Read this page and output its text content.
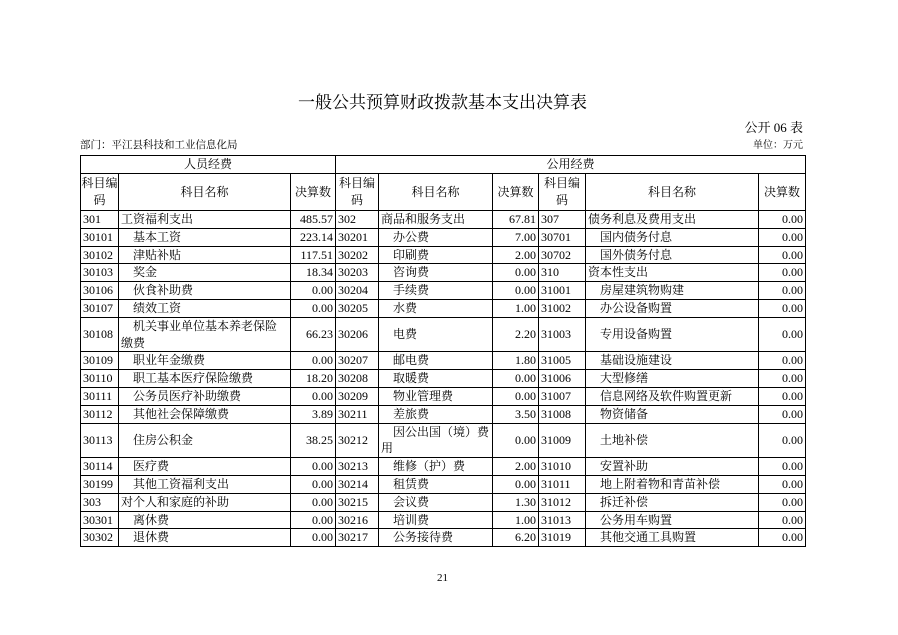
一般公共预算财政拨款基本支出决算表
公开 06 表
部门：平江县科技和工业信息化局	单位：万元
人员经费			公用经费					
科目编码	科目名称	决算数	科目编码	科目名称	决算数	科目编码	科目名称	决算数
301	工资福利支出	485.57	302	商品和服务支出	67.81	307	债务利息及费用支出	0.00
30101	基本工资	223.14	30201	办公费	7.00	30701	国内债务付息	0.00
30102	津贴补贴	117.51	30202	印刷费	2.00	30702	国外债务付息	0.00
30103	奖金	18.34	30203	咨询费	0.00	310	资本性支出	0.00
30106	伙食补助费	0.00	30204	手续费	0.00	31001	房屋建筑物购建	0.00
30107	绩效工资	0.00	30205	水费	1.00	31002	办公设备购置	0.00
30108	机关事业单位基本养老保险缴费	66.23	30206	电费	2.20	31003	专用设备购置	0.00
30109	职业年金缴费	0.00	30207	邮电费	1.80	31005	基础设施建设	0.00
30110	职工基本医疗保险缴费	18.20	30208	取暖费	0.00	31006	大型修缮	0.00
30111	公务员医疗补助缴费	0.00	30209	物业管理费	0.00	31007	信息网络及软件购置更新	0.00
30112	其他社会保障缴费	3.89	30211	差旅费	3.50	31008	物资储备	0.00
30113	住房公积金	38.25	30212	因公出国（境）费用	0.00	31009	土地补偿	0.00
30114	医疗费	0.00	30213	维修（护）费	2.00	31010	安置补助	0.00
30199	其他工资福利支出	0.00	30214	租赁费	0.00	31011	地上附着物和青苗补偿	0.00
303	对个人和家庭的补助	0.00	30215	会议费	1.30	31012	拆迁补偿	0.00
30301	离休费	0.00	30216	培训费	1.00	31013	公务用车购置	0.00
30302	退休费	0.00	30217	公务接待费	6.20	31019	其他交通工具购置	0.00
21
